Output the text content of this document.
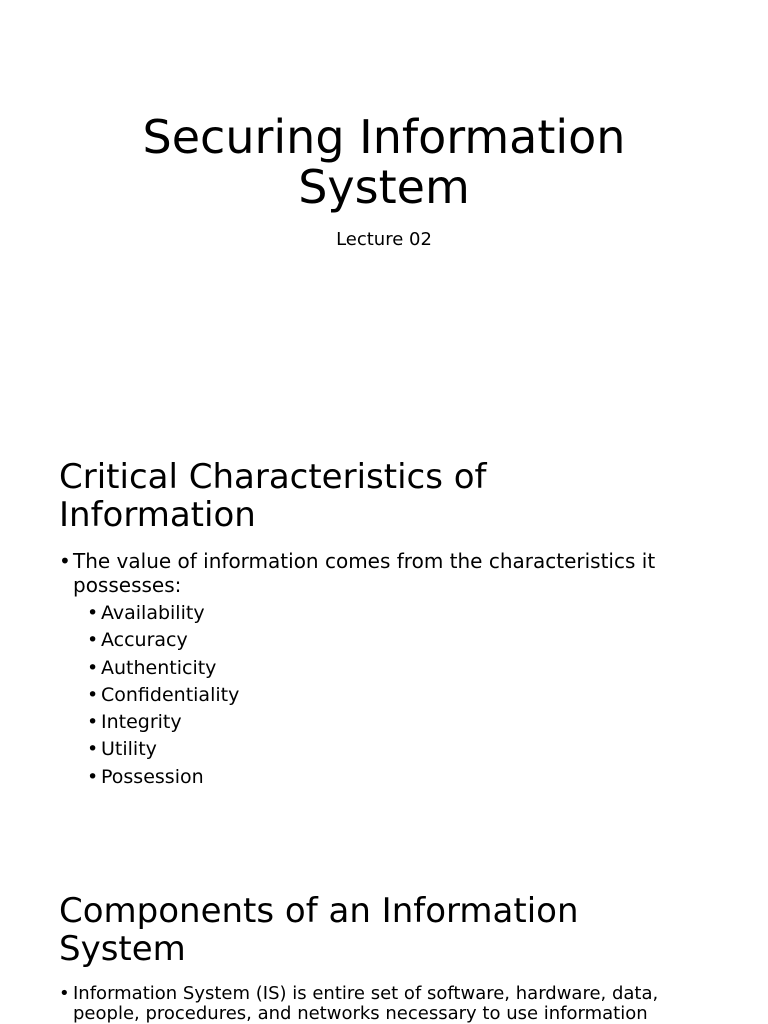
Securing Information
System

Lecture 02

Critical Characteristics of
Information
• The value of information comes from the characteristics it possesses:
• Availability
• Accuracy
• Authenticity
• Confidentiality
• Integrity
• Utility
• Possession
Components of an Information
System
• Information System (IS) is entire set of software, hardware, data, people, procedures, and networks necessary to use information
